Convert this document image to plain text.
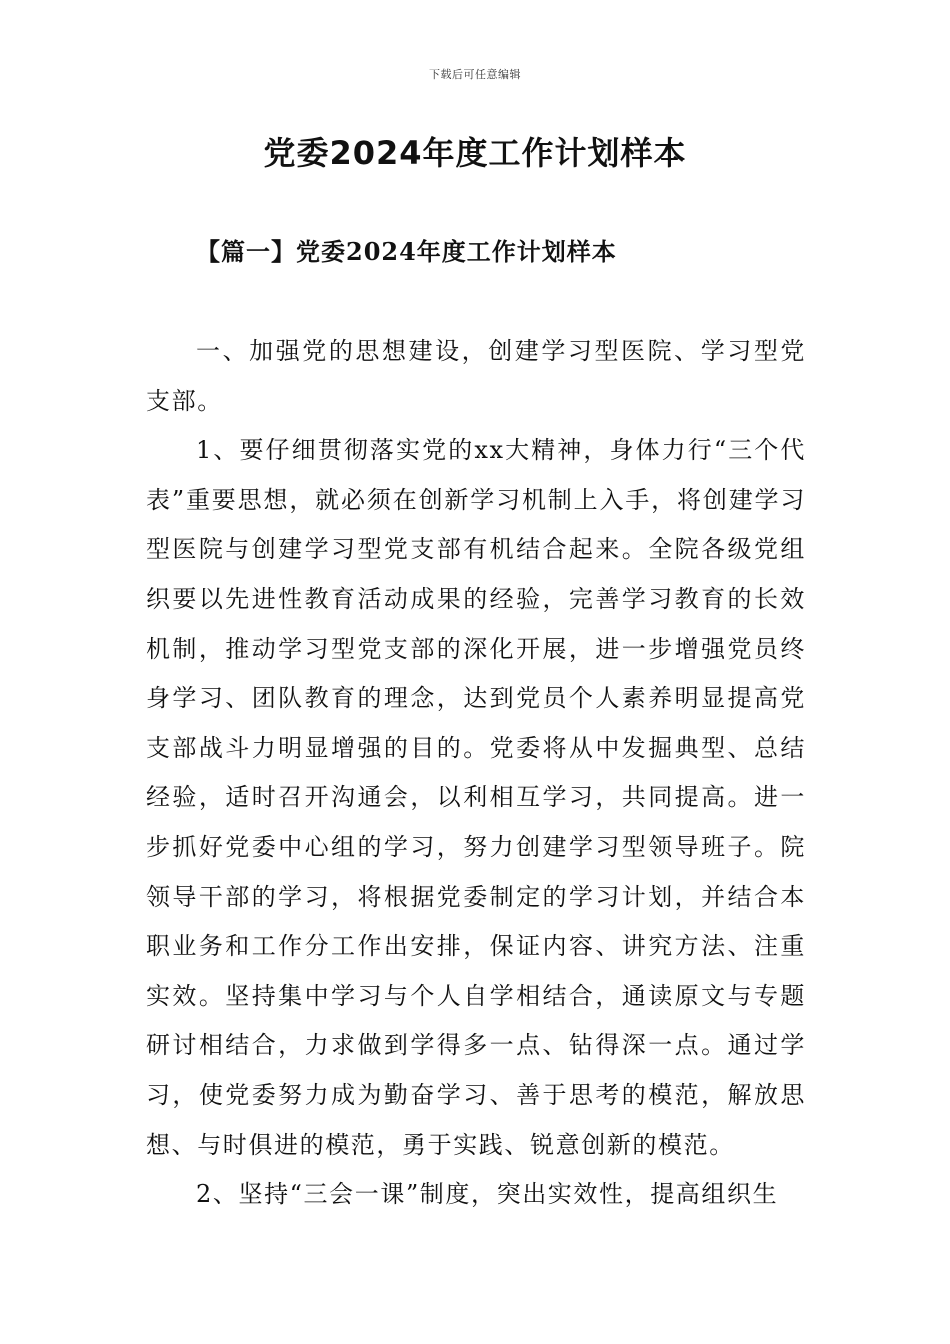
下载后可任意编辑
党委2024年度工作计划样本
【篇一】党委2024年度工作计划样本

一、加强党的思想建设，创建学习型医院、学习型党支部。

1、要仔细贯彻落实党的xx大精神，身体力行“三个代表”重要思想，就必须在创新学习机制上入手，将创建学习型医院与创建学习型党支部有机结合起来。全院各级党组织要以先进性教育活动成果的经验，完善学习教育的长效机制，推动学习型党支部的深化开展，进一步增强党员终身学习、团队教育的理念，达到党员个人素养明显提高党支部战斗力明显增强的目的。党委将从中发掘典型、总结经验，适时召开沟通会，以利相互学习，共同提高。进一步抓好党委中心组的学习，努力创建学习型领导班子。院领导干部的学习，将根据党委制定的学习计划，并结合本职业务和工作分工作出安排，保证内容、讲究方法、注重实效。坚持集中学习与个人自学相结合，通读原文与专题研讨相结合，力求做到学得多一点、钻得深一点。通过学习，使党委努力成为勤奋学习、善于思考的模范，解放思想、与时俱进的模范，勇于实践、锐意创新的模范。

2、坚持“三会一课”制度，突出实效性，提高组织生
